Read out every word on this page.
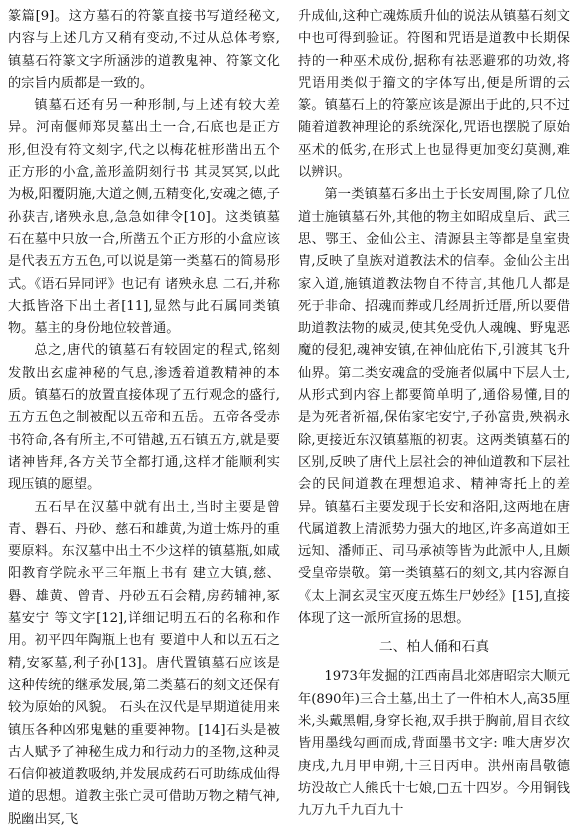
篆篇[9]。这方墓石的符篆直接书写道经秘文,内容与上述几方又稍有变动,不过从总体考察,镇墓石符篆文字所涵涉的道教鬼神、符篆文化的宗旨内质都是一致的。

镇墓石还有另一种形制,与上述有较大差异。河南偃师郑炅墓出土一合,石底也是正方形,但没有符文刻字,代之以梅花桩形凿出五个正方形的小盒,盖形盖阴刻行书 其灵冥冥,以此为极,阳覆阴施,大道之侧,五精变化,安魂之德,子孙获吉,诸殃永息,急急如律令[10]。这类镇墓石在墓中只放一合,所凿五个正方形的小盒应该是代表五方五色,可以说是第一类墓石的简易形式。《语石异同评》也记有 诸殃永息 二石,并称 大抵皆洛下出土者[11],显然与此石属同类镇物。墓主的身份地位较普通。

总之,唐代的镇墓石有较固定的程式,铭刻发散出玄虚神秘的气息,渗透着道教精神的本质。镇墓石的放置直接体现了五行观念的盛行,五方五色之制被配以五帝和五岳。五帝各受赤书符命,各有所主,不可错越,五石镇五方,就是要诸神皆拜,各方关节全都打通,这样才能顺利实现压镇的愿望。

五石早在汉墓中就有出土,当时主要是曾青、礜石、丹砂、慈石和雄黄,为道士炼丹的重要原料。东汉墓中出土不少这样的镇墓瓶,如咸阳教育学院永平三年瓶上书有 建立大镇,慈、礜、雄黄、曾青、丹砂五石会精,房药辅神,冢墓安宁 等文字[12],详细记明五石的名称和作用。初平四年陶瓶上也有 要道中人和以五石之精,安冢墓,利子孙[13]。唐代置镇墓石应该是这种传统的继承发展,第二类墓石的刻文还保有较为原始的风貌。 石头在汉代是早期道徒用来镇压各种凶邪鬼魅的重要神物。[14]石头是被古人赋予了神秘生成力和行动力的圣物,这种灵石信仰被道教吸纳,并发展成药石可助练成仙得道的思想。道教主张亡灵可借助万物之精气神,脱幽出冥,飞

升成仙,这种亡魂炼质升仙的说法从镇墓石刻文中也可得到验证。符图和咒语是道教中长期保持的一种巫术成份,据称有祛恶避邪的功效,将咒语用类似于籀文的字体写出,便是所谓的云篆。镇墓石上的符篆应该是源出于此的,只不过随着道教神理论的系统深化,咒语也摆脱了原始巫术的低劣,在形式上也显得更加变幻莫测,难以辨识。

第一类镇墓石多出土于长安周围,除了几位道士施镇墓石外,其他的物主如昭成皇后、武三思、鄂王、金仙公主、清源县主等都是皇室贵胄,反映了皇族对道教法术的信奉。金仙公主出家入道,施镇道教法物自不待言,其他几人都是死于非命、招魂而葬或几经周折迁厝,所以要借助道教法物的威灵,使其免受仇人魂魄、野鬼恶魔的侵犯,魂神安镇,在神仙庇佑下,引渡其飞升仙界。第二类安魂盒的受施者似属中下层人士,从形式到内容上都要简单明了,通俗易懂,目的是为死者祈福,保佑家宅安宁,子孙富贵,殃祸永除,更接近东汉镇墓瓶的初衷。这两类镇墓石的区别,反映了唐代上层社会的神仙道教和下层社会的民间道教在理想追求、精神寄托上的差异。镇墓石主要发现于长安和洛阳,这两地在唐代属道教上清派势力强大的地区,许多高道如王远知、潘师正、司马承祯等皆为此派中人,且颇受皇帝崇敬。第一类镇墓石的刻文,其内容源自《太上洞玄灵宝灭度五炼生尸妙经》[15],直接体现了这一派所宣扬的思想。

二、柏人俑和石真

1973年发掘的江西南昌北郊唐昭宗大顺元年(890年)三合土墓,出土了一件柏木人,高35厘米,头戴黑帽,身穿长袍,双手拱于胸前,眉目衣纹皆用墨线勾画而成,背面墨书文字: 唯大唐岁次庚戌,九月甲申朔,十三日丙申。洪州南昌敬德坊没故亡人熊氏十七娘,□五十四岁。今用铜钱九万九千九百九十
